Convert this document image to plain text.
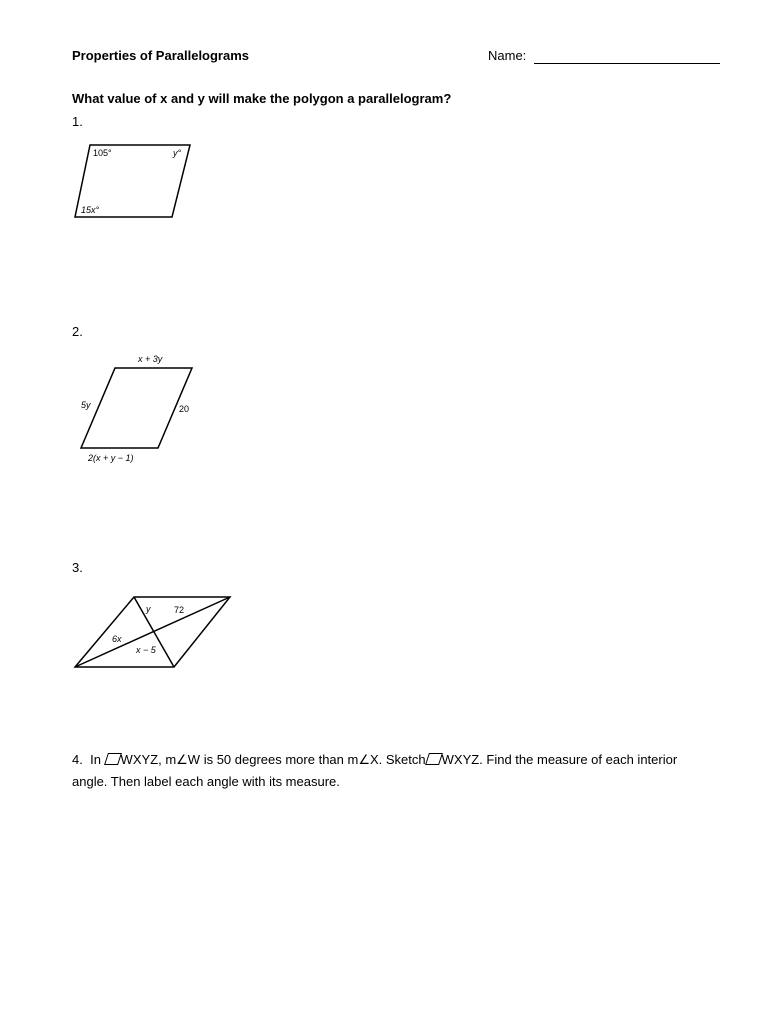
Properties of Parallelograms	Name:
What value of x and y will make the polygon a parallelogram?
1.
105°	y°
15x°
2.
x + 3y
5y	20
2(x + y − 1)
3.
y	72
6x
x − 5
4. In WXYZ, m∠W is 50 degrees more than m∠X. Sketch WXYZ. Find the measure of each interior angle. Then label each angle with its measure.
